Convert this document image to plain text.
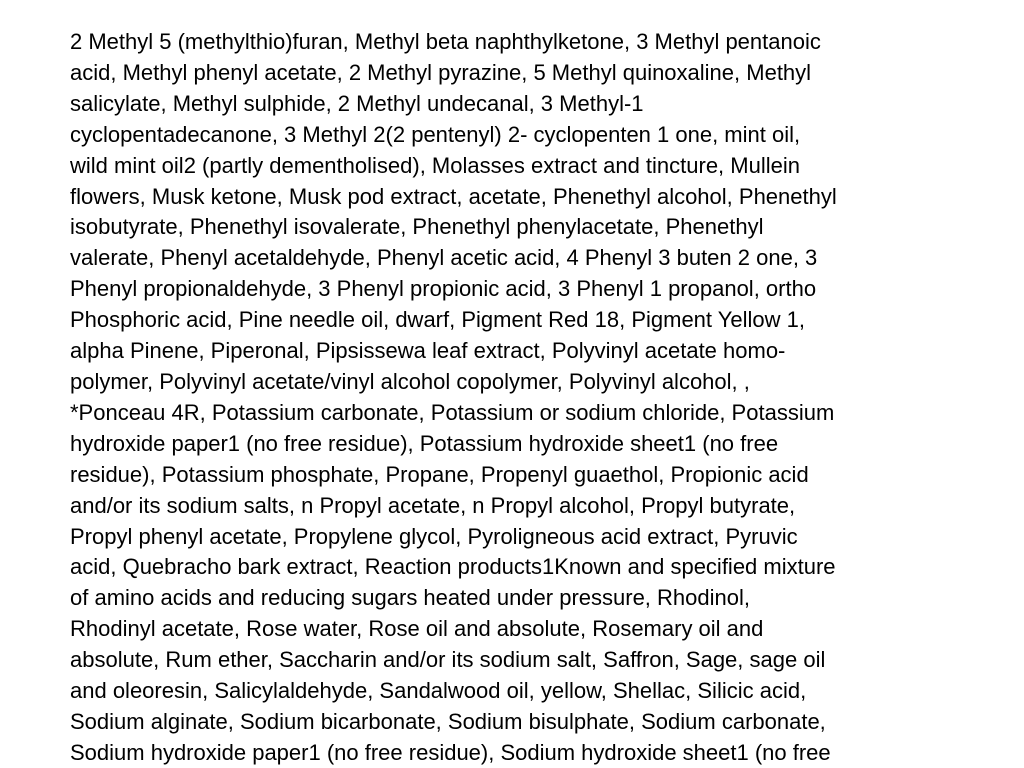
2 Methyl 5 (methylthio)furan, Methyl beta naphthylketone, 3 Methyl pentanoic
acid, Methyl phenyl acetate, 2 Methyl pyrazine, 5 Methyl quinoxaline, Methyl
salicylate, Methyl sulphide, 2 Methyl undecanal, 3 Methyl-1
cyclopentadecanone, 3 Methyl 2(2 pentenyl) 2- cyclopenten 1 one, mint oil,
wild mint oil2 (partly dementholised), Molasses extract and tincture, Mullein
flowers, Musk ketone, Musk pod extract, acetate, Phenethyl alcohol, Phenethyl
isobutyrate, Phenethyl isovalerate, Phenethyl phenylacetate, Phenethyl
valerate, Phenyl acetaldehyde, Phenyl acetic acid, 4 Phenyl 3 buten 2 one, 3
Phenyl propionaldehyde, 3 Phenyl propionic acid, 3 Phenyl 1 propanol, ortho
Phosphoric acid, Pine needle oil, dwarf, Pigment Red 18, Pigment Yellow 1,
alpha Pinene, Piperonal, Pipsissewa leaf extract, Polyvinyl acetate homo-
polymer, Polyvinyl acetate/vinyl alcohol copolymer, Polyvinyl alcohol, ,
*Ponceau 4R, Potassium carbonate, Potassium or sodium chloride, Potassium
hydroxide paper1 (no free residue), Potassium hydroxide sheet1 (no free
residue), Potassium phosphate, Propane, Propenyl guaethol, Propionic acid
and/or its sodium salts, n Propyl acetate, n Propyl alcohol, Propyl butyrate,
Propyl phenyl acetate, Propylene glycol, Pyroligneous acid extract, Pyruvic
acid, Quebracho bark extract, Reaction products1Known and specified mixture
of amino acids and reducing sugars heated under pressure, Rhodinol,
Rhodinyl acetate, Rose water, Rose oil and absolute, Rosemary oil and
absolute, Rum ether, Saccharin and/or its sodium salt, Saffron, Sage, sage oil
and oleoresin, Salicylaldehyde, Sandalwood oil, yellow, Shellac, Silicic acid,
Sodium alginate, Sodium bicarbonate, Sodium bisulphate, Sodium carbonate,
Sodium hydroxide paper1 (no free residue), Sodium hydroxide sheet1 (no free
